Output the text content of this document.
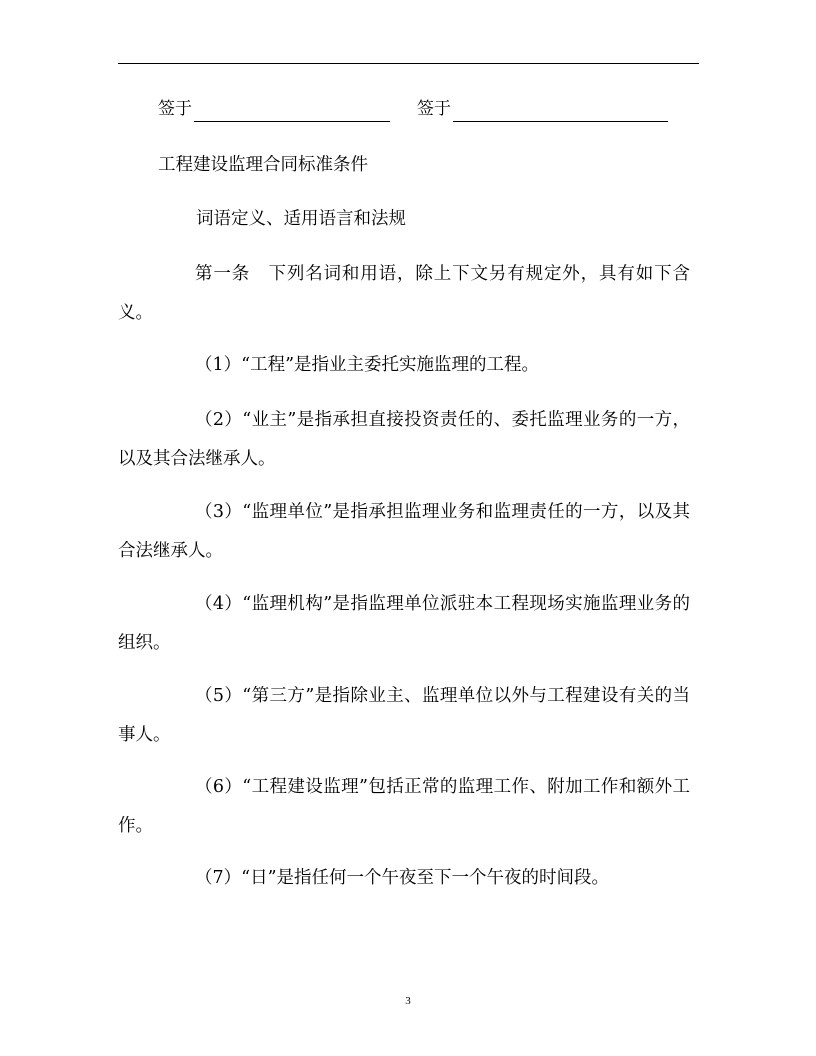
签于	签于
工程建设监理合同标准条件
词语定义、适用语言和法规
第一条　下列名词和用语，除上下文另有规定外，具有如下含义。
（1）“工程”是指业主委托实施监理的工程。
（2）“业主”是指承担直接投资责任的、委托监理业务的一方，以及其合法继承人。
（3）“监理单位”是指承担监理业务和监理责任的一方，以及其合法继承人。
（4）“监理机构”是指监理单位派驻本工程现场实施监理业务的组织。
（5）“第三方”是指除业主、监理单位以外与工程建设有关的当事人。
（6）“工程建设监理”包括正常的监理工作、附加工作和额外工作。
（7）“日”是指任何一个午夜至下一个午夜的时间段。
3
